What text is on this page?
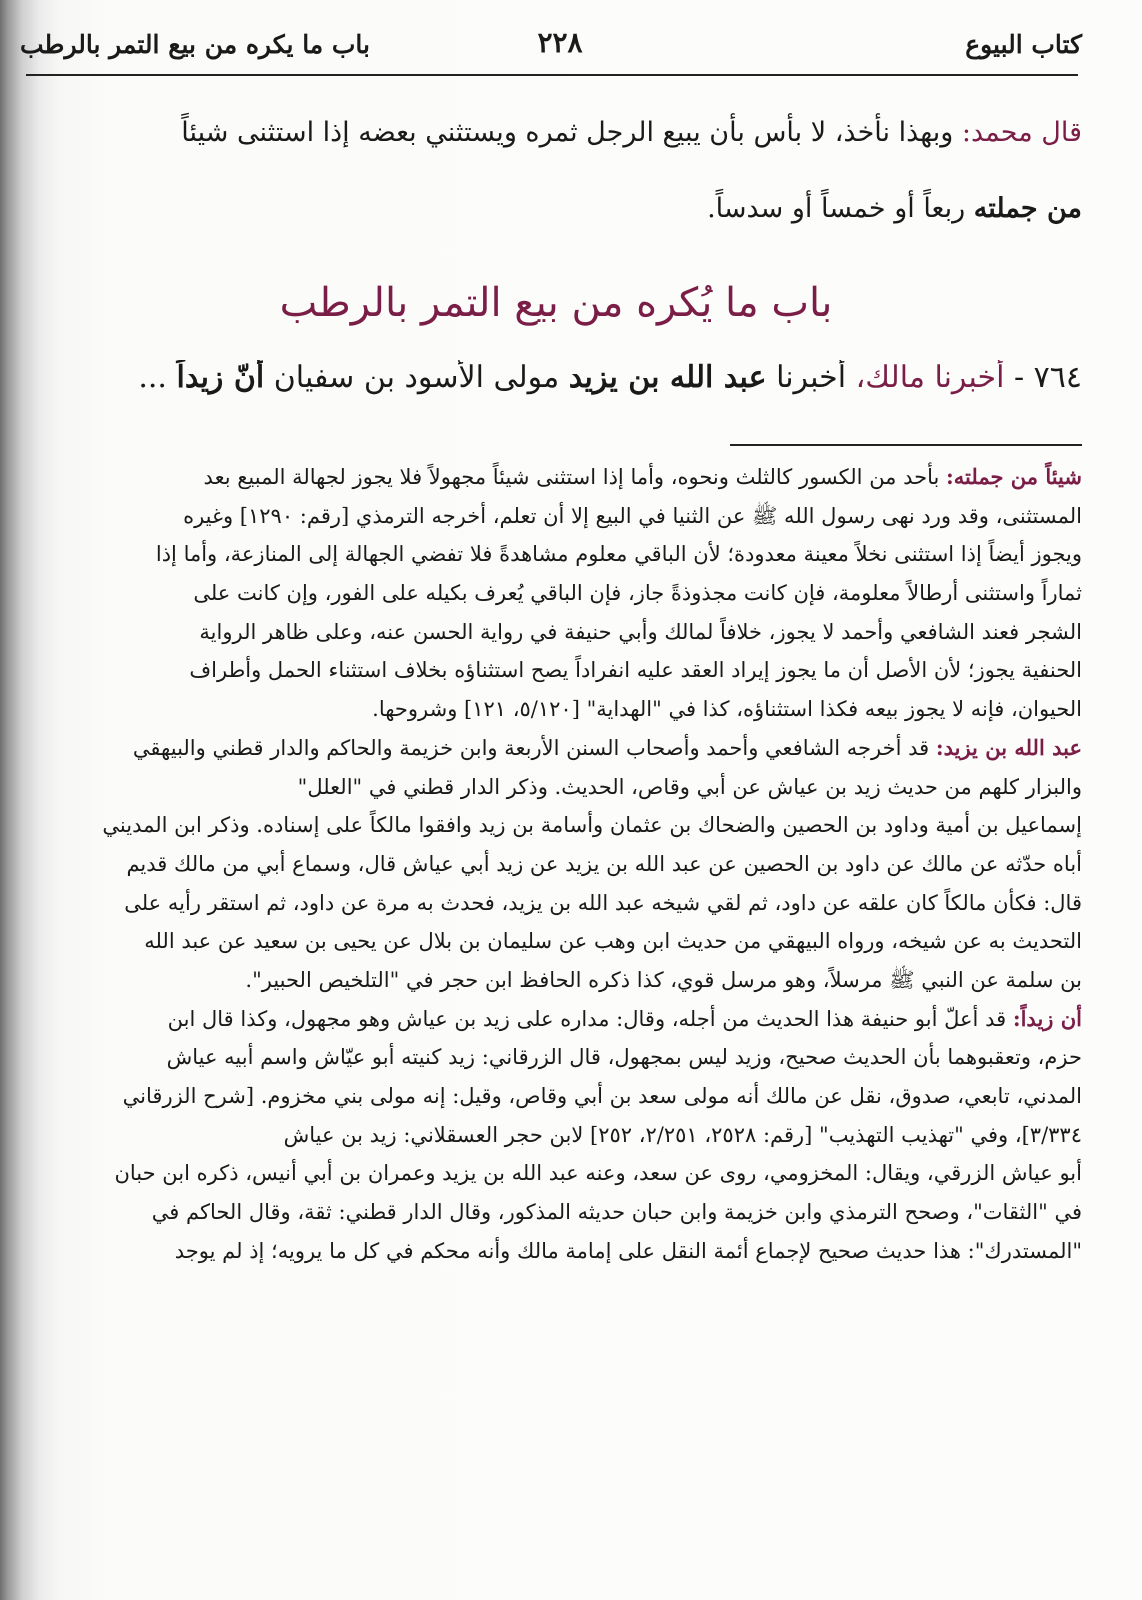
كتاب البيوع
٢٢٨
باب ما يكره من بيع التمر بالرطب

قال محمد: وبهذا نأخذ، لا بأس بأن يبيع الرجل ثمره ويستثني بعضه إذا استثنى شيئاً

من جملته ربعاً أو خمساً أو سدساً.

باب ما يُكره من بيع التمر بالرطب
٧٦٤ - أخبرنا مالك، أخبرنا عبد الله بن يزيد مولى الأسود بن سفيان أنّ زيداً ...
شيئاً من جملته: بأحد من الكسور كالثلث ونحوه، وأما إذا استثنى شيئاً مجهولاً فلا يجوز لجهالة المبيع بعد
المستثنى، وقد ورد نهى رسول الله ﷺ عن الثنيا في البيع إلا أن تعلم، أخرجه الترمذي [رقم: ١٢٩٠] وغيره
ويجوز أيضاً إذا استثنى نخلاً معينة معدودة؛ لأن الباقي معلوم مشاهدةً فلا تفضي الجهالة إلى المنازعة، وأما إذا
ثماراً واستثنى أرطالاً معلومة، فإن كانت مجذوذةً جاز، فإن الباقي يُعرف بكيله على الفور، وإن كانت على
الشجر فعند الشافعي وأحمد لا يجوز، خلافاً لمالك وأبي حنيفة في رواية الحسن عنه، وعلى ظاهر الرواية
الحنفية يجوز؛ لأن الأصل أن ما يجوز إيراد العقد عليه انفراداً يصح استثناؤه بخلاف استثناء الحمل وأطراف
الحيوان، فإنه لا يجوز بيعه فكذا استثناؤه، كذا في "الهداية" [٥/١٢٠، ١٢١] وشروحها.
عبد الله بن يزيد: قد أخرجه الشافعي وأحمد وأصحاب السنن الأربعة وابن خزيمة والحاكم والدار قطني والبيهقي
والبزار كلهم من حديث زيد بن عياش عن أبي وقاص، الحديث. وذكر الدار قطني في "العلل"
إسماعيل بن أمية وداود بن الحصين والضحاك بن عثمان وأسامة بن زيد وافقوا مالكاً على إسناده. وذكر ابن المديني
أباه حدّثه عن مالك عن داود بن الحصين عن عبد الله بن يزيد عن زيد أبي عياش قال، وسماع أبي من مالك قديم
قال: فكأن مالكاً كان علقه عن داود، ثم لقي شيخه عبد الله بن يزيد، فحدث به مرة عن داود، ثم استقر رأيه على
التحديث به عن شيخه، ورواه البيهقي من حديث ابن وهب عن سليمان بن بلال عن يحيى بن سعيد عن عبد الله
بن سلمة عن النبي ﷺ مرسلاً، وهو مرسل قوي، كذا ذكره الحافظ ابن حجر في "التلخيص الحبير".
أن زيداً: قد أعلّ أبو حنيفة هذا الحديث من أجله، وقال: مداره على زيد بن عياش وهو مجهول، وكذا قال ابن
حزم، وتعقبوهما بأن الحديث صحيح، وزيد ليس بمجهول، قال الزرقاني: زيد كنيته أبو عيّاش واسم أبيه عياش
المدني، تابعي، صدوق، نقل عن مالك أنه مولى سعد بن أبي وقاص، وقيل: إنه مولى بني مخزوم. [شرح الزرقاني
٣/٣٣٤]، وفي "تهذيب التهذيب" [رقم: ٢٥٢٨، ٢/٢٥١، ٢٥٢] لابن حجر العسقلاني: زيد بن عياش
أبو عياش الزرقي، ويقال: المخزومي، روى عن سعد، وعنه عبد الله بن يزيد وعمران بن أبي أنيس، ذكره ابن حبان
في "الثقات"، وصحح الترمذي وابن خزيمة وابن حبان حديثه المذكور، وقال الدار قطني: ثقة، وقال الحاكم في
"المستدرك": هذا حديث صحيح لإجماع أئمة النقل على إمامة مالك وأنه محكم في كل ما يرويه؛ إذ لم يوجد
